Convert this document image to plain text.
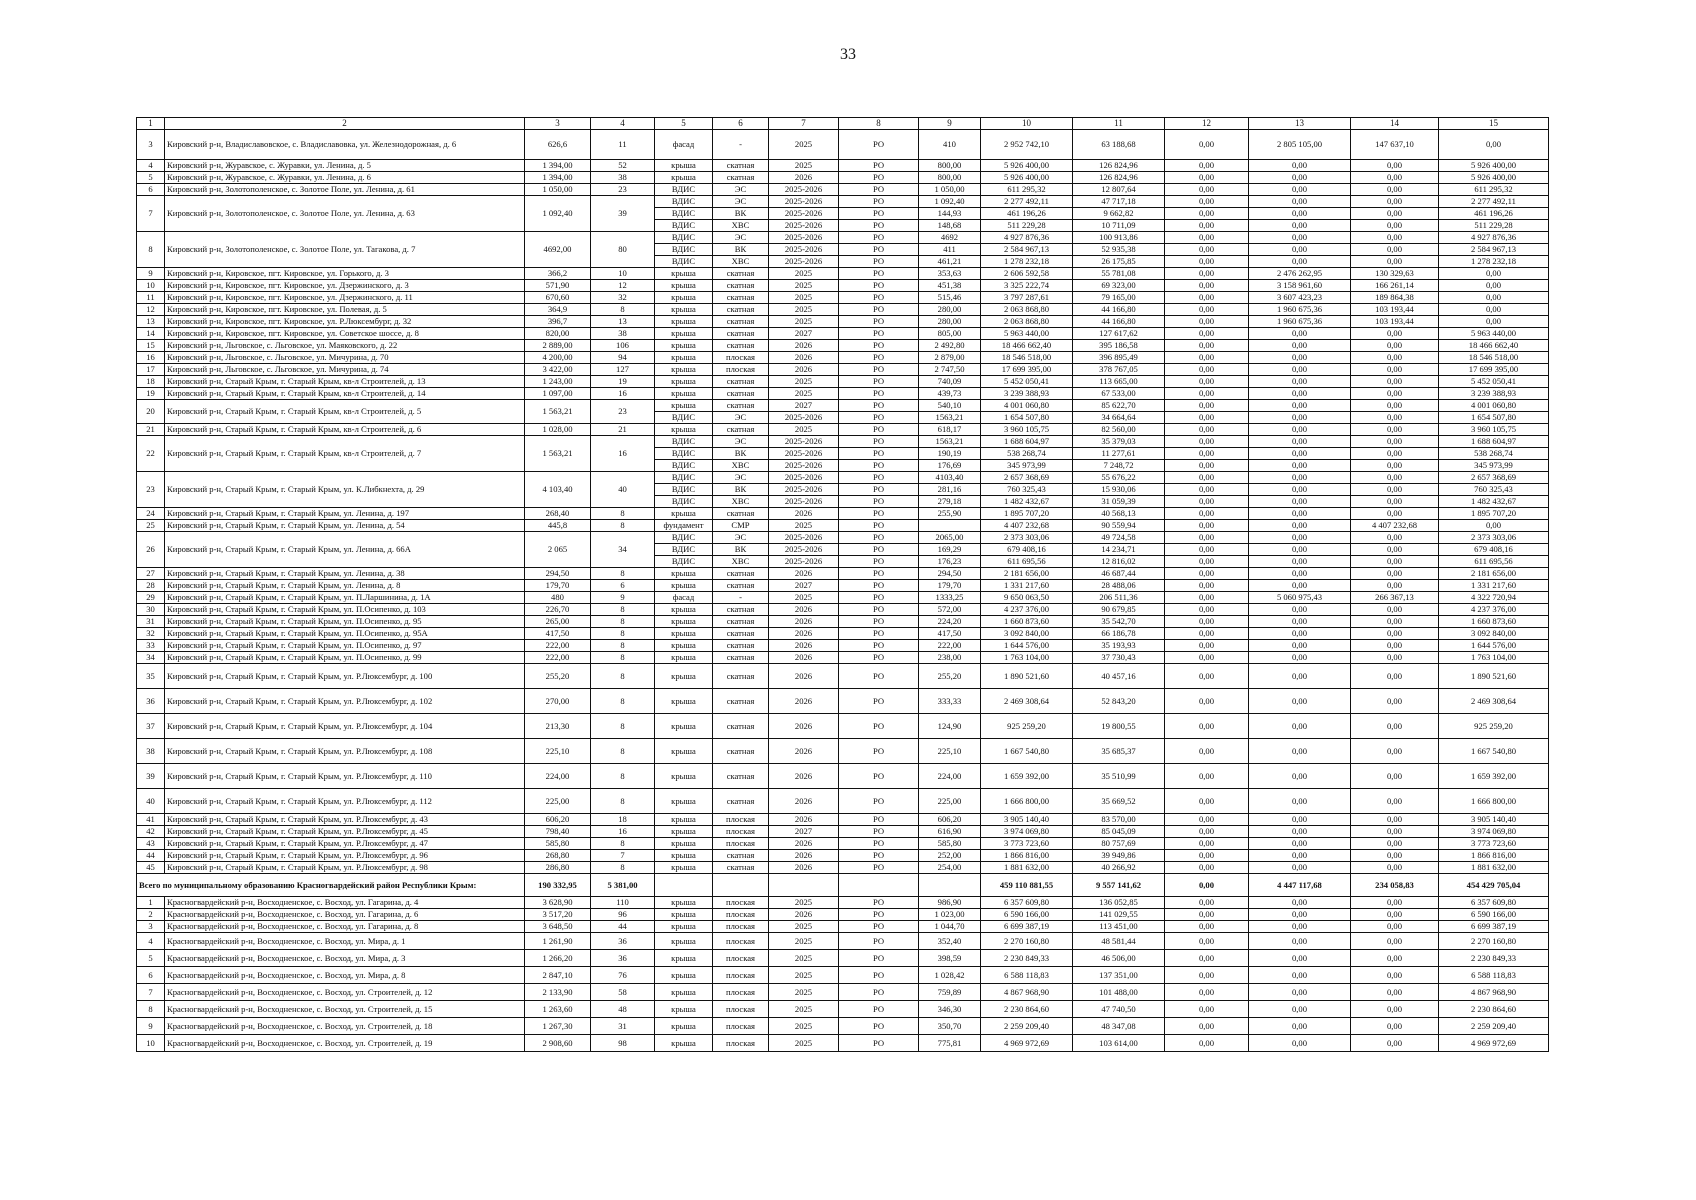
33
1	2	3	4	5	6	7	8	9	10	11	12	13	14	15
3	Кировский р-н, Владиславовское, с. Владиславовка, ул. Железнодорожная, д. 6	626,6	11	фасад	-	2025	РО	410	2 952 742,10	63 188,68	0,00	2 805 105,00	147 637,10	0,00
4	Кировский р-н, Журавское, с. Журавки, ул. Ленина, д. 5	1 394,00	52	крыша	скатная	2025	РО	800,00	5 926 400,00	126 824,96	0,00	0,00	0,00	5 926 400,00
5	Кировский р-н, Журавское, с. Журавки, ул. Ленина, д. 6	1 394,00	38	крыша	скатная	2026	РО	800,00	5 926 400,00	126 824,96	0,00	0,00	0,00	5 926 400,00
6	Кировский р-н, Золотополенское, с. Золотое Поле, ул. Ленина, д. 61	1 050,00	23	ВДИС	ЭС	2025-2026	РО	1 050,00	611 295,32	12 807,64	0,00	0,00	0,00	611 295,32
7	Кировский р-н, Золотополенское, с. Золотое Поле, ул. Ленина, д. 63	1 092,40	39	ВДИС	ЭС	2025-2026	РО	1 092,40	2 277 492,11	47 717,18	0,00	0,00	0,00	2 277 492,11
				ВДИС	ВК	2025-2026	РО	144,93	461 196,26	9 662,82	0,00	0,00	0,00	461 196,26
				ВДИС	ХВС	2025-2026	РО	148,68	511 229,28	10 711,09	0,00	0,00	0,00	511 229,28
8	Кировский р-н, Золотополенское, с. Золотое Поле, ул. Тагакова, д. 7	4692,00	80	ВДИС	ЭС	2025-2026	РО	4692	4 927 876,36	100 913,86	0,00	0,00	0,00	4 927 876,36
				ВДИС	ВК	2025-2026	РО	411	2 584 967,13	52 935,38	0,00	0,00	0,00	2 584 967,13
				ВДИС	ХВС	2025-2026	РО	461,21	1 278 232,18	26 175,85	0,00	0,00	0,00	1 278 232,18
9	Кировский р-н, Кировское, пгт. Кировское, ул. Горького, д. 3	366,2	10	крыша	скатная	2025	РО	353,63	2 606 592,58	55 781,08	0,00	2 476 262,95	130 329,63	0,00
10	Кировский р-н, Кировское, пгт. Кировское, ул. Дзержинского, д. 3	571,90	12	крыша	скатная	2025	РО	451,38	3 325 222,74	69 323,00	0,00	3 158 961,60	166 261,14	0,00
11	Кировский р-н, Кировское, пгт. Кировское, ул. Дзержинского, д. 11	670,60	32	крыша	скатная	2025	РО	515,46	3 797 287,61	79 165,00	0,00	3 607 423,23	189 864,38	0,00
12	Кировский р-н, Кировское, пгт. Кировское, ул. Полевая, д. 5	364,9	8	крыша	скатная	2025	РО	280,00	2 063 868,80	44 166,80	0,00	1 960 675,36	103 193,44	0,00
13	Кировский р-н, Кировское, пгт. Кировское, ул. Р.Люксембург, д. 32	396,7	13	крыша	скатная	2025	РО	280,00	2 063 868,80	44 166,80	0,00	1 960 675,36	103 193,44	0,00
14	Кировский р-н, Кировское, пгт. Кировское, ул. Советское шоссе, д. 8	820,00	38	крыша	скатная	2027	РО	805,00	5 963 440,00	127 617,62	0,00	0,00	0,00	5 963 440,00
15	Кировский р-н, Льговское, с. Льговское, ул. Маяковского, д. 22	2 889,00	106	крыша	скатная	2026	РО	2 492,80	18 466 662,40	395 186,58	0,00	0,00	0,00	18 466 662,40
16	Кировский р-н, Льговское, с. Льговское, ул. Мичурина, д. 70	4 200,00	94	крыша	плоская	2026	РО	2 879,00	18 546 518,00	396 895,49	0,00	0,00	0,00	18 546 518,00
17	Кировский р-н, Льговское, с. Льговское, ул. Мичурина, д. 74	3 422,00	127	крыша	плоская	2026	РО	2 747,50	17 699 395,00	378 767,05	0,00	0,00	0,00	17 699 395,00
18	Кировский р-н, Старый Крым, г. Старый Крым, кв-л Строителей, д. 13	1 243,00	19	крыша	скатная	2025	РО	740,09	5 452 050,41	113 665,00	0,00	0,00	0,00	5 452 050,41
19	Кировский р-н, Старый Крым, г. Старый Крым, кв-л Строителей, д. 14	1 097,00	16	крыша	скатная	2025	РО	439,73	3 239 388,93	67 533,00	0,00	0,00	0,00	3 239 388,93
20	Кировский р-н, Старый Крым, г. Старый Крым, кв-л Строителей, д. 5	1 563,21	23	крыша	скатная	2027	РО	540,10	4 001 060,80	85 622,70	0,00	0,00	0,00	4 001 060,80
				ВДИС	ЭС	2025-2026	РО	1563,21	1 654 507,80	34 664,64	0,00	0,00	0,00	1 654 507,80
21	Кировский р-н, Старый Крым, г. Старый Крым, кв-л Строителей, д. 6	1 028,00	21	крыша	скатная	2025	РО	618,17	3 960 105,75	82 560,00	0,00	0,00	0,00	3 960 105,75
22	Кировский р-н, Старый Крым, г. Старый Крым, кв-л Строителей, д. 7	1 563,21	16	ВДИС	ЭС	2025-2026	РО	1563,21	1 688 604,97	35 379,03	0,00	0,00	0,00	1 688 604,97
				ВДИС	ВК	2025-2026	РО	190,19	538 268,74	11 277,61	0,00	0,00	0,00	538 268,74
				ВДИС	ХВС	2025-2026	РО	176,69	345 973,99	7 248,72	0,00	0,00	0,00	345 973,99
23	Кировский р-н, Старый Крым, г. Старый Крым, ул. К.Либкнехта, д. 29	4 103,40	40	ВДИС	ЭС	2025-2026	РО	4103,40	2 657 368,69	55 676,22	0,00	0,00	0,00	2 657 368,69
				ВДИС	ВК	2025-2026	РО	281,16	760 325,43	15 930,06	0,00	0,00	0,00	760 325,43
				ВДИС	ХВС	2025-2026	РО	279,18	1 482 432,67	31 059,39	0,00	0,00	0,00	1 482 432,67
24	Кировский р-н, Старый Крым, г. Старый Крым, ул. Ленина, д. 197	268,40	8	крыша	скатная	2026	РО	255,90	1 895 707,20	40 568,13	0,00	0,00	0,00	1 895 707,20
25	Кировский р-н, Старый Крым, г. Старый Крым, ул. Ленина, д. 54	445,8	8	фундамент	СМР	2025	РО		4 407 232,68	90 559,94	0,00	0,00	4 407 232,68	0,00
26	Кировский р-н, Старый Крым, г. Старый Крым, ул. Ленина, д. 66А	2 065	34	ВДИС	ЭС	2025-2026	РО	2065,00	2 373 303,06	49 724,58	0,00	0,00	0,00	2 373 303,06
				ВДИС	ВК	2025-2026	РО	169,29	679 408,16	14 234,71	0,00	0,00	0,00	679 408,16
				ВДИС	ХВС	2025-2026	РО	176,23	611 695,56	12 816,02	0,00	0,00	0,00	611 695,56
27	Кировский р-н, Старый Крым, г. Старый Крым, ул. Ленина, д. 38	294,50	8	крыша	скатная	2026	РО	294,50	2 181 656,00	46 687,44	0,00	0,00	0,00	2 181 656,00
28	Кировский р-н, Старый Крым, г. Старый Крым, ул. Ленина, д. 8	179,70	6	крыша	скатная	2027	РО	179,70	1 331 217,60	28 488,06	0,00	0,00	0,00	1 331 217,60
29	Кировский р-н, Старый Крым, г. Старый Крым, ул. П.Ларшинина, д. 1А	480	9	фасад	-	2025	РО	1333,25	9 650 063,50	206 511,36	0,00	5 060 975,43	266 367,13	4 322 720,94
30	Кировский р-н, Старый Крым, г. Старый Крым, ул. П.Осипенко, д. 103	226,70	8	крыша	скатная	2026	РО	572,00	4 237 376,00	90 679,85	0,00	0,00	0,00	4 237 376,00
31	Кировский р-н, Старый Крым, г. Старый Крым, ул. П.Осипенко, д. 95	265,00	8	крыша	скатная	2026	РО	224,20	1 660 873,60	35 542,70	0,00	0,00	0,00	1 660 873,60
32	Кировский р-н, Старый Крым, г. Старый Крым, ул. П.Осипенко, д. 95А	417,50	8	крыша	скатная	2026	РО	417,50	3 092 840,00	66 186,78	0,00	0,00	0,00	3 092 840,00
33	Кировский р-н, Старый Крым, г. Старый Крым, ул. П.Осипенко, д. 97	222,00	8	крыша	скатная	2026	РО	222,00	1 644 576,00	35 193,93	0,00	0,00	0,00	1 644 576,00
34	Кировский р-н, Старый Крым, г. Старый Крым, ул. П.Осипенко, д. 99	222,00	8	крыша	скатная	2026	РО	238,00	1 763 104,00	37 730,43	0,00	0,00	0,00	1 763 104,00
35	Кировский р-н, Старый Крым, г. Старый Крым, ул. Р.Люксембург, д. 100	255,20	8	крыша	скатная	2026	РО	255,20	1 890 521,60	40 457,16	0,00	0,00	0,00	1 890 521,60
36	Кировский р-н, Старый Крым, г. Старый Крым, ул. Р.Люксембург, д. 102	270,00	8	крыша	скатная	2026	РО	333,33	2 469 308,64	52 843,20	0,00	0,00	0,00	2 469 308,64
37	Кировский р-н, Старый Крым, г. Старый Крым, ул. Р.Люксембург, д. 104	213,30	8	крыша	скатная	2026	РО	124,90	925 259,20	19 800,55	0,00	0,00	0,00	925 259,20
38	Кировский р-н, Старый Крым, г. Старый Крым, ул. Р.Люксембург, д. 108	225,10	8	крыша	скатная	2026	РО	225,10	1 667 540,80	35 685,37	0,00	0,00	0,00	1 667 540,80
39	Кировский р-н, Старый Крым, г. Старый Крым, ул. Р.Люксембург, д. 110	224,00	8	крыша	скатная	2026	РО	224,00	1 659 392,00	35 510,99	0,00	0,00	0,00	1 659 392,00
40	Кировский р-н, Старый Крым, г. Старый Крым, ул. Р.Люксембург, д. 112	225,00	8	крыша	скатная	2026	РО	225,00	1 666 800,00	35 669,52	0,00	0,00	0,00	1 666 800,00
41	Кировский р-н, Старый Крым, г. Старый Крым, ул. Р.Люксембург, д. 43	606,20	18	крыша	плоская	2026	РО	606,20	3 905 140,40	83 570,00	0,00	0,00	0,00	3 905 140,40
42	Кировский р-н, Старый Крым, г. Старый Крым, ул. Р.Люксембург, д. 45	798,40	16	крыша	плоская	2027	РО	616,90	3 974 069,80	85 045,09	0,00	0,00	0,00	3 974 069,80
43	Кировский р-н, Старый Крым, г. Старый Крым, ул. Р.Люксембург, д. 47	585,80	8	крыша	плоская	2026	РО	585,80	3 773 723,60	80 757,69	0,00	0,00	0,00	3 773 723,60
44	Кировский р-н, Старый Крым, г. Старый Крым, ул. Р.Люксембург, д. 96	268,80	7	крыша	скатная	2026	РО	252,00	1 866 816,00	39 949,86	0,00	0,00	0,00	1 866 816,00
45	Кировский р-н, Старый Крым, г. Старый Крым, ул. Р.Люксембург, д. 98	286,80	8	крыша	скатная	2026	РО	254,00	1 881 632,00	40 266,92	0,00	0,00	0,00	1 881 632,00
Всего по муниципальному образованию Красногвардейский район Республики Крым:		190 332,95	5 381,00						459 110 881,55	9 557 141,62	0,00	4 447 117,68	234 058,83	454 429 705,04
1	Красногвардейский р-н, Восходненское, с. Восход, ул. Гагарина, д. 4	3 628,90	110	крыша	плоская	2025	РО	986,90	6 357 609,80	136 052,85	0,00	0,00	0,00	6 357 609,80
2	Красногвардейский р-н, Восходненское, с. Восход, ул. Гагарина, д. 6	3 517,20	96	крыша	плоская	2026	РО	1 023,00	6 590 166,00	141 029,55	0,00	0,00	0,00	6 590 166,00
3	Красногвардейский р-н, Восходненское, с. Восход, ул. Гагарина, д. 8	3 648,50	44	крыша	плоская	2025	РО	1 044,70	6 699 387,19	113 451,00	0,00	0,00	0,00	6 699 387,19
4	Красногвардейский р-н, Восходненское, с. Восход, ул. Мира, д. 1	1 261,90	36	крыша	плоская	2025	РО	352,40	2 270 160,80	48 581,44	0,00	0,00	0,00	2 270 160,80
5	Красногвардейский р-н, Восходненское, с. Восход, ул. Мира, д. 3	1 266,20	36	крыша	плоская	2025	РО	398,59	2 230 849,33	46 506,00	0,00	0,00	0,00	2 230 849,33
6	Красногвардейский р-н, Восходненское, с. Восход, ул. Мира, д. 8	2 847,10	76	крыша	плоская	2025	РО	1 028,42	6 588 118,83	137 351,00	0,00	0,00	0,00	6 588 118,83
7	Красногвардейский р-н, Восходненское, с. Восход, ул. Строителей, д. 12	2 133,90	58	крыша	плоская	2025	РО	759,89	4 867 968,90	101 488,00	0,00	0,00	0,00	4 867 968,90
8	Красногвардейский р-н, Восходненское, с. Восход, ул. Строителей, д. 15	1 263,60	48	крыша	плоская	2025	РО	346,30	2 230 864,60	47 740,50	0,00	0,00	0,00	2 230 864,60
9	Красногвардейский р-н, Восходненское, с. Восход, ул. Строителей, д. 18	1 267,30	31	крыша	плоская	2025	РО	350,70	2 259 209,40	48 347,08	0,00	0,00	0,00	2 259 209,40
10	Красногвардейский р-н, Восходненское, с. Восход, ул. Строителей, д. 19	2 908,60	98	крыша	плоская	2025	РО	775,81	4 969 972,69	103 614,00	0,00	0,00	0,00	4 969 972,69
